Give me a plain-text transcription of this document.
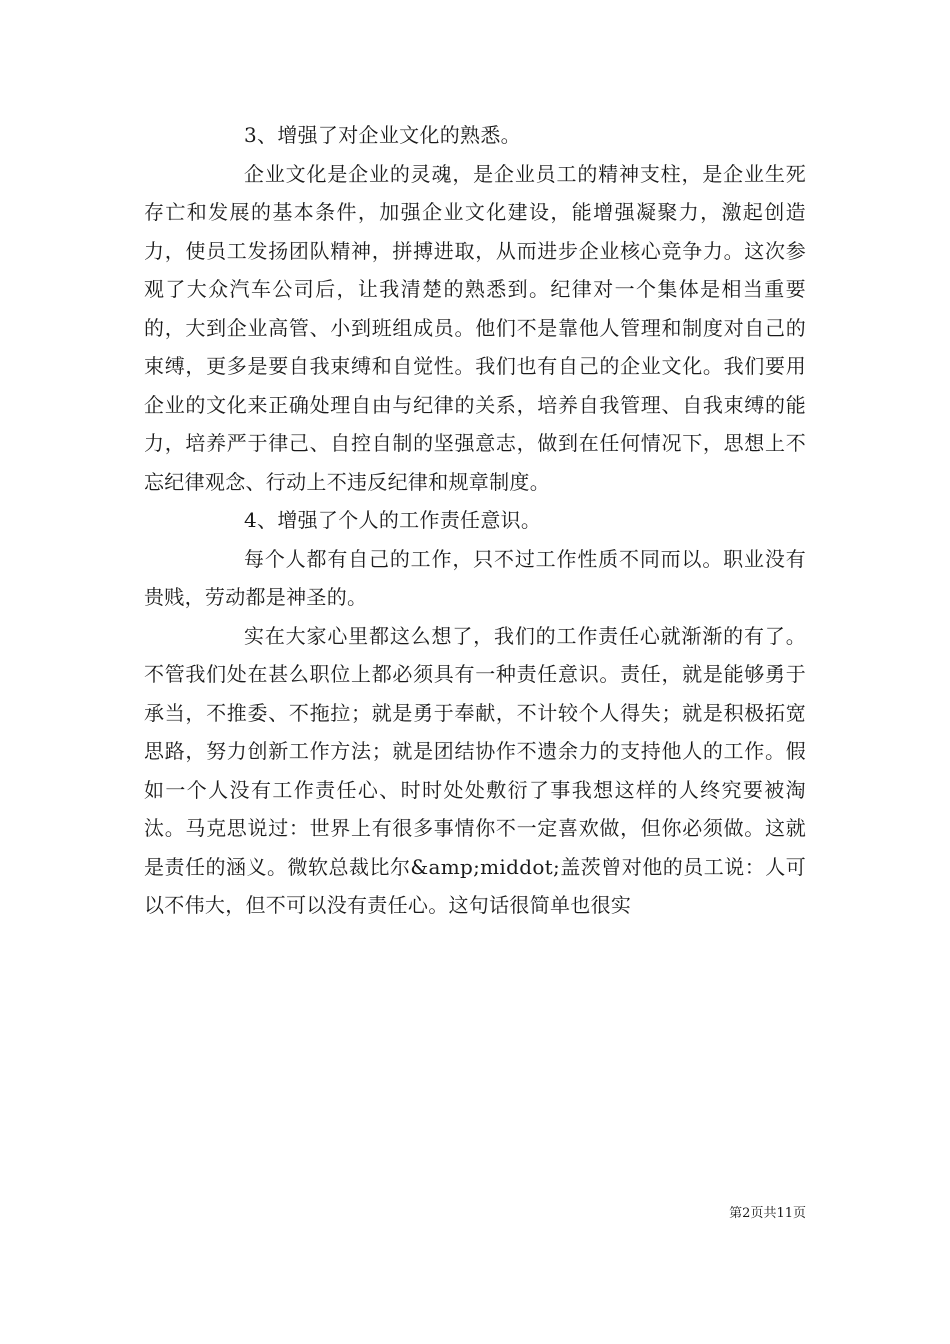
3、增强了对企业文化的熟悉。

企业文化是企业的灵魂，是企业员工的精神支柱，是企业生死存亡和发展的基本条件，加强企业文化建设，能增强凝聚力，激起创造力，使员工发扬团队精神，拼搏进取，从而进步企业核心竞争力。这次参观了大众汽车公司后，让我清楚的熟悉到。纪律对一个集体是相当重要的，大到企业高管、小到班组成员。他们不是靠他人管理和制度对自己的束缚，更多是要自我束缚和自觉性。我们也有自己的企业文化。我们要用企业的文化来正确处理自由与纪律的关系，培养自我管理、自我束缚的能力，培养严于律己、自控自制的坚强意志，做到在任何情况下，思想上不忘纪律观念、行动上不违反纪律和规章制度。

4、增强了个人的工作责任意识。

每个人都有自己的工作，只不过工作性质不同而以。职业没有贵贱，劳动都是神圣的。

实在大家心里都这么想了，我们的工作责任心就渐渐的有了。不管我们处在甚么职位上都必须具有一种责任意识。责任，就是能够勇于承当，不推委、不拖拉；就是勇于奉献，不计较个人得失；就是积极拓宽思路，努力创新工作方法；就是团结协作不遗余力的支持他人的工作。假如一个人没有工作责任心、时时处处敷衍了事我想这样的人终究要被淘汰。马克思说过：世界上有很多事情你不一定喜欢做，但你必须做。这就是责任的涵义。微软总裁比尔&amp;middot;盖茨曾对他的员工说：人可以不伟大，但不可以没有责任心。这句话很简单也很实

第2页共11页
